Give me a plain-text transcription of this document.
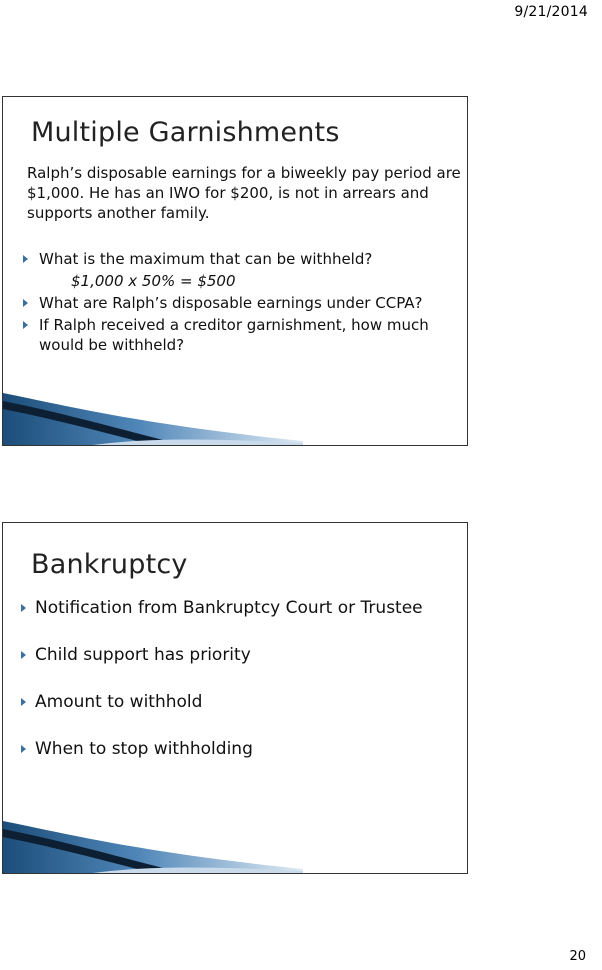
9/21/2014
Multiple Garnishments

Ralph’s disposable earnings for a biweekly pay period are $1,000. He has an IWO for $200, is not in arrears and supports another family.

What is the maximum that can be withheld?
$1,000 x 50% = $500
What are Ralph’s disposable earnings under CCPA?
If Ralph received a creditor garnishment, how much would be withheld?
Bankruptcy
Notification from Bankruptcy Court or Trustee
Child support has priority
Amount to withhold
When to stop withholding
20
